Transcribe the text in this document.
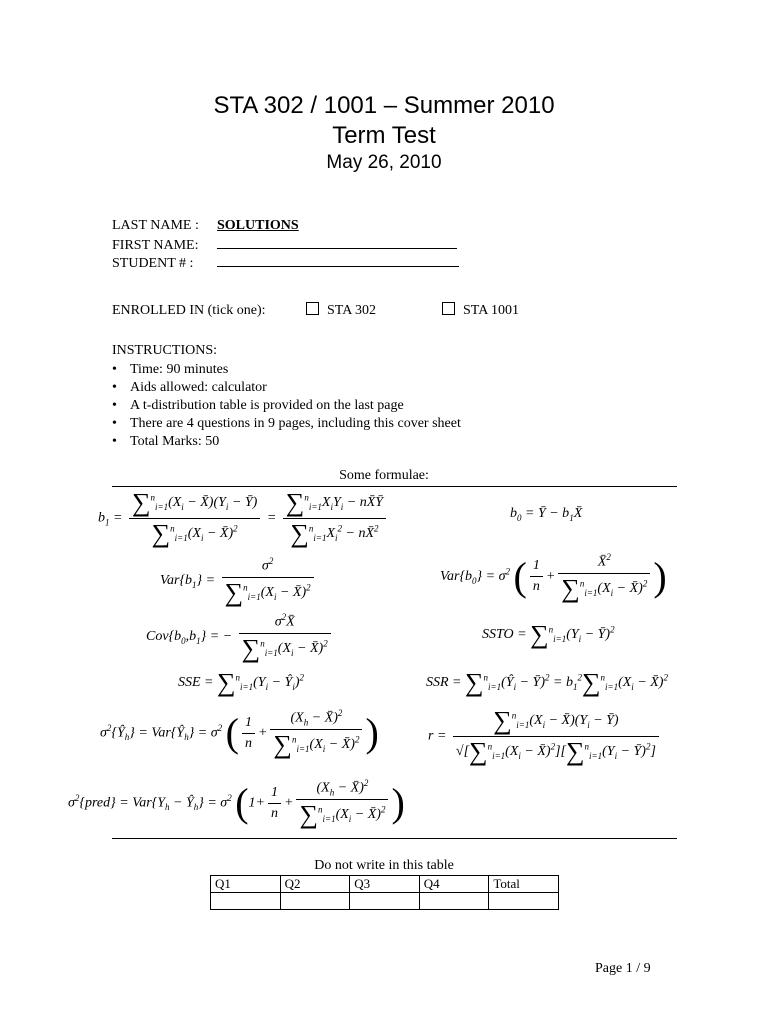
STA 302 / 1001 – Summer 2010
Term Test
May 26, 2010
LAST NAME : SOLUTIONS
FIRST NAME:
STUDENT # :
ENROLLED IN (tick one):	STA 302	STA 1001
INSTRUCTIONS:
• Time: 90 minutes
• Aids allowed: calculator
• A t-distribution table is provided on the last page
• There are 4 questions in 9 pages, including this cover sheet
• Total Marks: 50
Some formulae:
$b_1 = \frac{\sum^n_{i=1}(X_i - X̄)(Y_i - Ȳ)}{\sum^n_{i=1}(X_i - X̄)^2} = \frac{\sum^n_{i=1}X_iY_i - nX̄Ȳ}{\sum^n_{i=1}X_i^2 - nX̄^2}$	$b_0$ = Ȳ − $b_1X̄$
$Var\{b_1\} = \frac{\sigma^2}{\sum^n_{i=1}(X_i - X̄)^2}$	$Var\{b_0\} = \sigma^2$ ( $\frac{1}{n} + \frac{X̄^2}{\sum^n_{i=1}(X_i - X̄)^2}$ )
$Cov\{b_0,b_1\}$ = − $\frac{\sigma^2X̄}{\sum^n_{i=1}(X_i - X̄)^2}$	SSTO = $\sum^n_{i=1}(Y_i$ − Ȳ)$^2$
SSE = $\sum^n_{i=1}(Y_i$ − $Ŷ_i)^2$	SSR = $\sum^n_{i=1}(Ŷ_i$ − Ȳ)$^2$ = $b_1^2\sum^n_{i=1}(X_i$ − X̄)$^2$
$\sigma^2\{Ŷ_h\}$ = $Var\{Ŷ_h\} = \sigma^2$ ( $\frac{1}{n} + \frac{(X_h - X̄)^2}{\sum^n_{i=1}(X_i - X̄)^2}$ )	$r = \frac{\sum^n_{i=1}(X_i - X̄)(Y_i - Ȳ)}{√[\sum^n_{i=1}(X_i - X̄)^2][\sum^n_{i=1}(Y_i - Ȳ)^2]}$
$\sigma^2\{pred\} = Var\{Y_h$ − $Ŷ_h\} = \sigma^2$ ($1+ \frac{1}{n} + \frac{(X_h - X̄)^2}{\sum^n_{i=1}(X_i - X̄)^2}$ )
Do not write in this table
Q1	Q2	Q3	Q4	Total

Page 1 / 9
